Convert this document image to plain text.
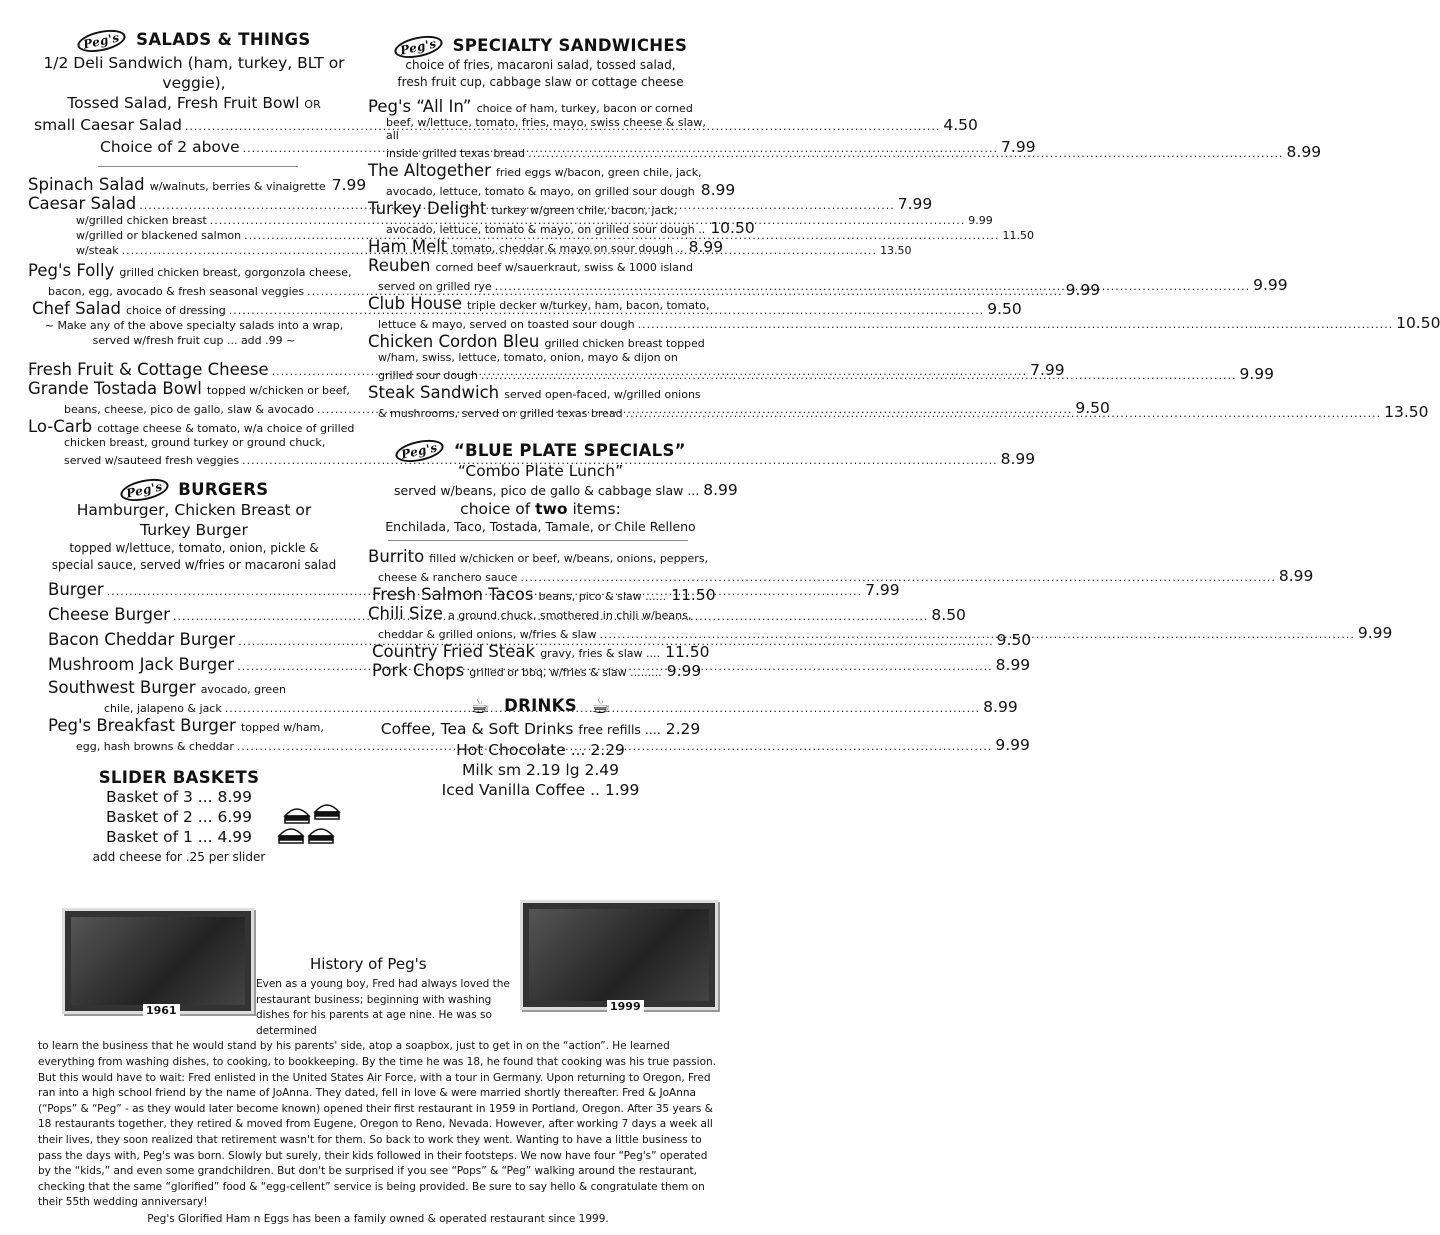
Peg's SALADS & THINGS
1/2 Deli Sandwich (ham, turkey, BLT or veggie),
Tossed Salad, Fresh Fruit Bowl OR
small Caesar Salad .....	4.50
Choice of 2 above .....	7.99
Spinach Salad
w/walnuts, berries & vinaigrette 7.99
Caesar Salad .....	7.99
w/grilled chicken breast .....	9.99
w/grilled or blackened salmon .....	11.50
w/steak .....	13.50
Peg's Folly grilled chicken breast, gorgonzola cheese,
bacon, egg, avocado & fresh seasonal veggies .....	9.99
Chef Salad
choice of dressing .....	9.50
~ Make any of the above specialty salads into a wrap,
served w/fresh fruit cup ... add .99 ~
Fresh Fruit & Cottage Cheese .....	7.99
Grande Tostada Bowl topped w/chicken or beef,
beans, cheese, pico de gallo, slaw & avocado .....	9.50
Lo-Carb cottage cheese & tomato, w/a choice of grilled
chicken breast, ground turkey or ground chuck,
served w/sauteed fresh veggies .....	8.99
Peg's BURGERS
Hamburger, Chicken Breast or
Turkey Burger
topped w/lettuce, tomato, onion, pickle &
special sauce, served w/fries or macaroni salad
Burger .....	7.99
Cheese Burger .....	8.50
Bacon Cheddar Burger .....	9.50
Mushroom Jack Burger .....	8.99
Southwest Burger avocado, green
chile, jalapeno & jack .....	8.99
Peg's Breakfast Burger topped w/ham,
egg, hash browns & cheddar .....	9.99
SLIDER BASKETS
Basket of 3 ... 8.99
Basket of 2 ... 6.99
Basket of 1 ... 4.99
add cheese for .25 per slider
Peg's SPECIALTY SANDWICHES
choice of fries, macaroni salad, tossed salad,
fresh fruit cup, cabbage slaw or cottage cheese
Peg's “All In” choice of ham, turkey, bacon or corned
beef, w/lettuce, tomato, fries, mayo, swiss cheese & slaw, all
inside grilled texas bread .....	8.99
The Altogether fried eggs w/bacon, green chile, jack,
avocado, lettuce, tomato & mayo, on grilled sour dough 8.99
Turkey Delight turkey w/green chile, bacon, jack,
avocado, lettuce, tomato & mayo, on grilled sour dough ..
10.50
Ham Melt
tomato, cheddar & mayo on sour dough ..
8.99
Reuben corned beef w/sauerkraut, swiss & 1000 island
served on grilled rye .....	9.99
Club House triple decker w/turkey, ham, bacon, tomato,
lettuce & mayo, served on toasted sour dough .....	10.50
Chicken Cordon Bleu grilled chicken breast topped
w/ham, swiss, lettuce, tomato, onion, mayo & dijon on
grilled sour dough .....	9.99
Steak Sandwich served open-faced, w/grilled onions
& mushrooms, served on grilled texas bread .....	13.50
Peg's “BLUE PLATE SPECIALS”
“Combo Plate Lunch”
served w/beans, pico de gallo & cabbage slaw ...
8.99
choice of two items:
Enchilada, Taco, Tostada, Tamale, or Chile Relleno
Burrito filled w/chicken or beef, w/beans, onions, peppers,
cheese & ranchero sauce .....	8.99
Fresh Salmon Tacos
beans, pico & slaw ......
11.50
Chili Size a ground chuck, smothered in chili w/beans,
cheddar & grilled onions, w/fries & slaw .....	9.99
Country Fried Steak
gravy, fries & slaw ....
11.50
Pork Chops
grilled or bbq, w/fries & slaw .........
9.99
☕ DRINKS ☕
Coffee, Tea & Soft Drinks free refills .... 2.29
Hot Chocolate ... 2.29
Milk sm 2.19 lg 2.49
Iced Vanilla Coffee .. 1.99
1961	1999
History of Peg's
Even as a young boy, Fred had always loved the restaurant business; beginning with washing dishes for his parents at age nine. He was so determined
to learn the business that he would stand by his parents' side, atop a soapbox, just to get in on the “action”. He learned everything from washing dishes, to cooking, to bookkeeping. By the time he was 18, he found that cooking was his true passion. But this would have to wait: Fred enlisted in the United States Air Force, with a tour in Germany. Upon returning to Oregon, Fred ran into a high school friend by the name of JoAnna. They dated, fell in love & were married shortly thereafter. Fred & JoAnna (“Pops” & “Peg” - as they would later become known) opened their first restaurant in 1959 in Portland, Oregon. After 35 years & 18 restaurants together, they retired & moved from Eugene, Oregon to Reno, Nevada. However, after working 7 days a week all their lives, they soon realized that retirement wasn't for them. So back to work they went. Wanting to have a little business to pass the days with, Peg's was born. Slowly but surely, their kids followed in their footsteps. We now have four “Peg's” operated by the “kids,” and even some grandchildren. But don't be surprised if you see “Pops” & “Peg” walking around the restaurant, checking that the same “glorified” food & “egg-cellent” service is being provided. Be sure to say hello & congratulate them on their 55th wedding anniversary!
Peg's Glorified Ham n Eggs has been a family owned & operated restaurant since 1999.
